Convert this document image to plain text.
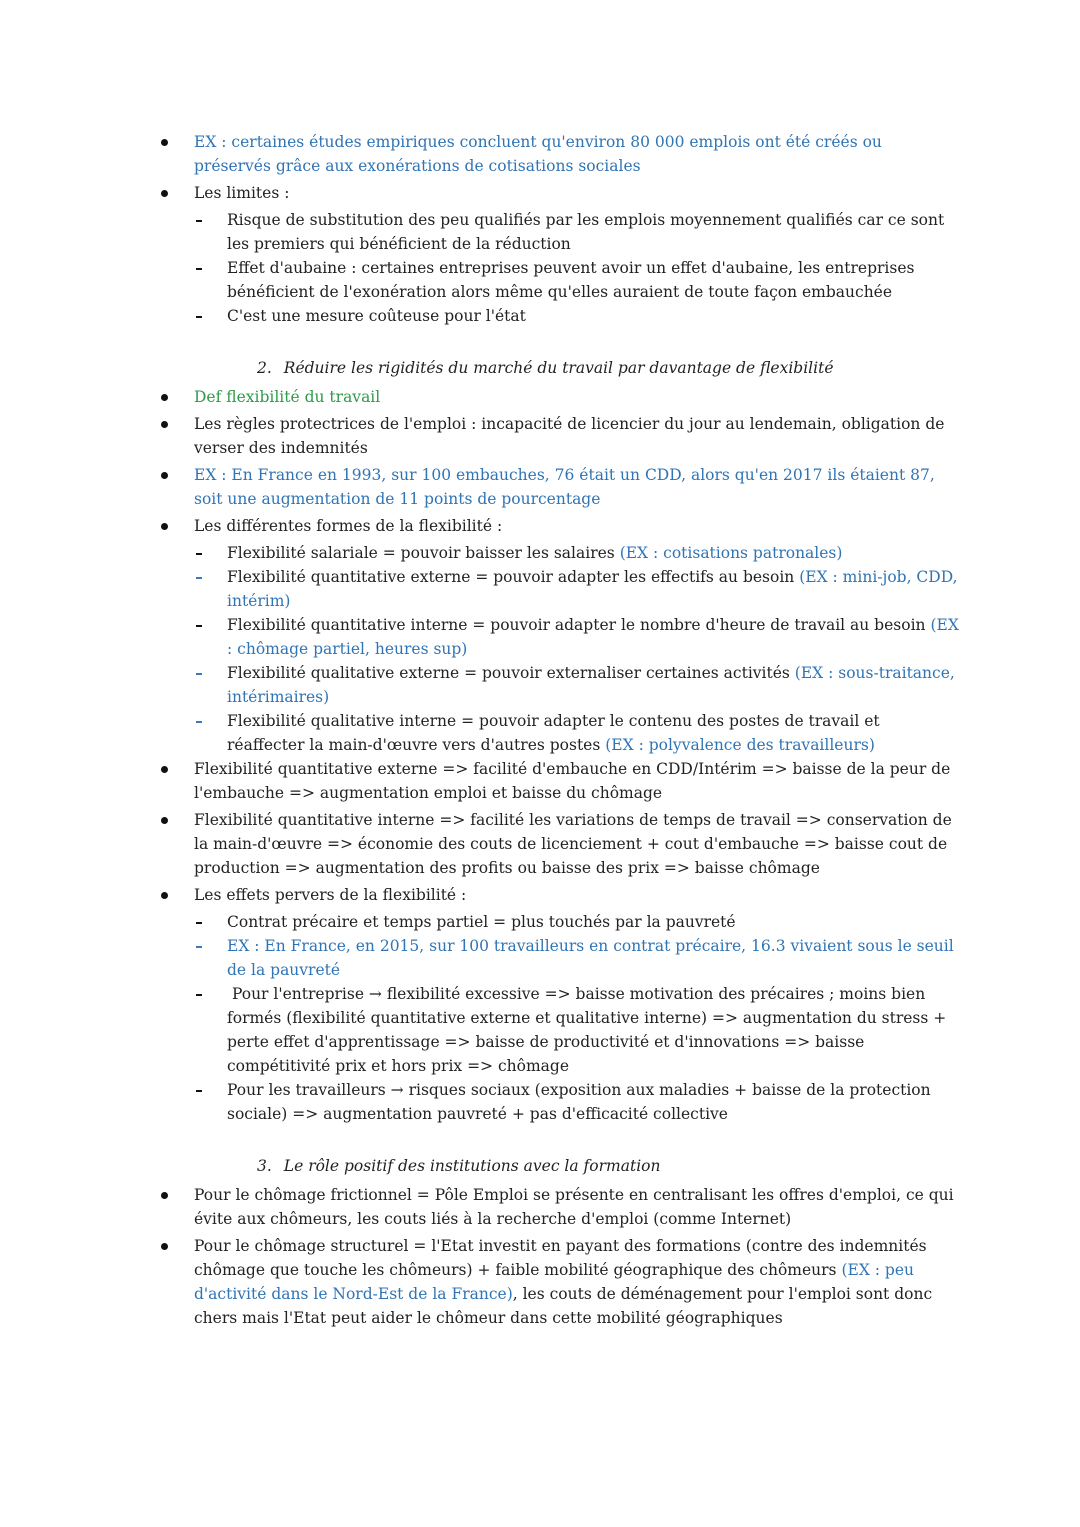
EX : certaines études empiriques concluent qu'environ 80 000 emplois ont été créés ou préservés grâce aux exonérations de cotisations sociales
Les limites :
Risque de substitution des peu qualifiés par les emplois moyennement qualifiés car ce sont les premiers qui bénéficient de la réduction
Effet d'aubaine : certaines entreprises peuvent avoir un effet d'aubaine, les entreprises bénéficient de l'exonération alors même qu'elles auraient de toute façon embauchée
C'est une mesure coûteuse pour l'état
2. Réduire les rigidités du marché du travail par davantage de flexibilité
Def flexibilité du travail
Les règles protectrices de l'emploi : incapacité de licencier du jour au lendemain, obligation de verser des indemnités
EX : En France en 1993, sur 100 embauches, 76 était un CDD, alors qu'en 2017 ils étaient 87, soit une augmentation de 11 points de pourcentage
Les différentes formes de la flexibilité :
Flexibilité salariale = pouvoir baisser les salaires (EX : cotisations patronales)
Flexibilité quantitative externe = pouvoir adapter les effectifs au besoin (EX : mini-job, CDD, intérim)
Flexibilité quantitative interne = pouvoir adapter le nombre d'heure de travail au besoin (EX : chômage partiel, heures sup)
Flexibilité qualitative externe = pouvoir externaliser certaines activités (EX : sous-traitance, intérimaires)
Flexibilité qualitative interne = pouvoir adapter le contenu des postes de travail et réaffecter la main-d'œuvre vers d'autres postes (EX : polyvalence des travailleurs)
Flexibilité quantitative externe => facilité d'embauche en CDD/Intérim => baisse de la peur de l'embauche => augmentation emploi et baisse du chômage
Flexibilité quantitative interne => facilité les variations de temps de travail => conservation de la main-d'œuvre => économie des couts de licenciement + cout d'embauche => baisse cout de production => augmentation des profits ou baisse des prix => baisse chômage
Les effets pervers de la flexibilité :
Contrat précaire et temps partiel = plus touchés par la pauvreté
EX : En France, en 2015, sur 100 travailleurs en contrat précaire, 16.3 vivaient sous le seuil de la pauvreté
Pour l'entreprise → flexibilité excessive => baisse motivation des précaires ; moins bien formés (flexibilité quantitative externe et qualitative interne) => augmentation du stress + perte effet d'apprentissage => baisse de productivité et d'innovations => baisse compétitivité prix et hors prix => chômage
Pour les travailleurs → risques sociaux (exposition aux maladies + baisse de la protection sociale) => augmentation pauvreté + pas d'efficacité collective
3. Le rôle positif des institutions avec la formation
Pour le chômage frictionnel = Pôle Emploi se présente en centralisant les offres d'emploi, ce qui évite aux chômeurs, les couts liés à la recherche d'emploi (comme Internet)
Pour le chômage structurel = l'Etat investit en payant des formations (contre des indemnités chômage que touche les chômeurs) + faible mobilité géographique des chômeurs (EX : peu d'activité dans le Nord-Est de la France), les couts de déménagement pour l'emploi sont donc chers mais l'Etat peut aider le chômeur dans cette mobilité géographiques
